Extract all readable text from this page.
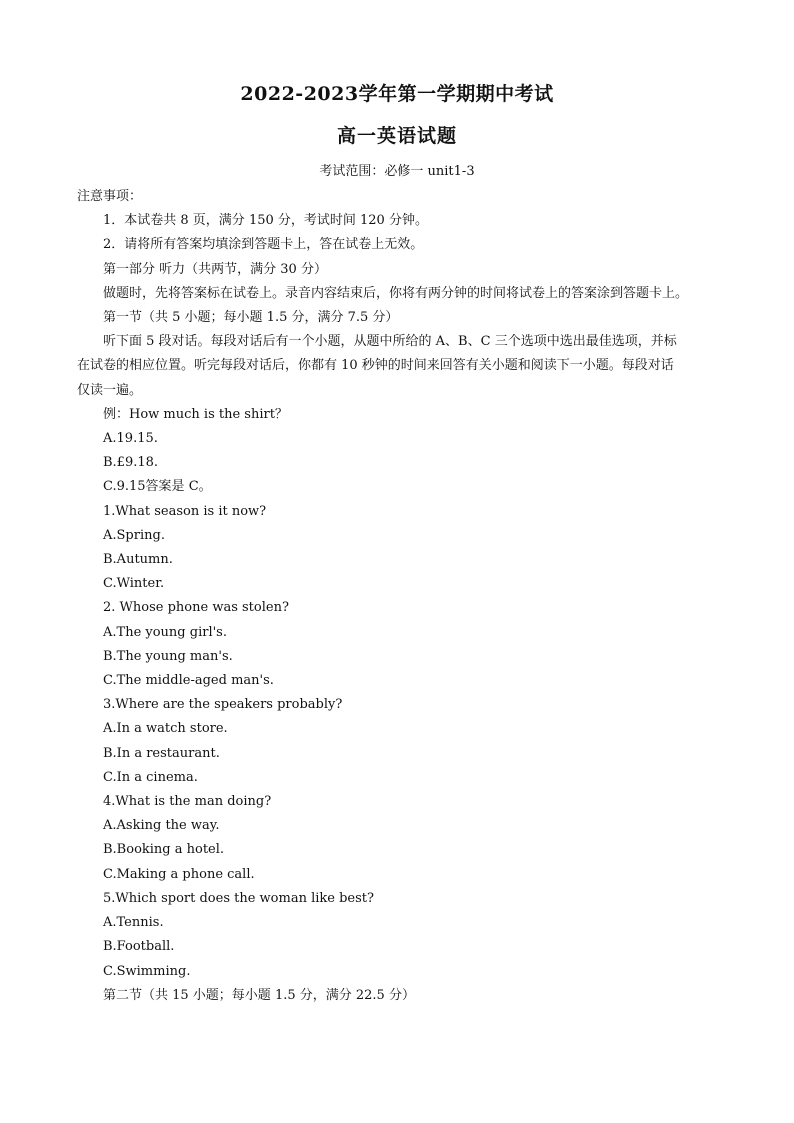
2022-2023学年第一学期期中考试
高一英语试题
考试范围：必修一 unit1-3

注意事项：

1．本试卷共 8 页，满分 150 分，考试时间 120 分钟。

2．请将所有答案均填涂到答题卡上，答在试卷上无效。

第一部分 听力（共两节，满分 30 分）

做题时，先将答案标在试卷上。录音内容结束后，你将有两分钟的时间将试卷上的答案涂到答题卡上。

第一节（共 5 小题；每小题 1.5 分，满分 7.5 分）

听下面 5 段对话。每段对话后有一个小题，从题中所给的 A、B、C 三个选项中选出最佳选项，并标

在试卷的相应位置。听完每段对话后，你都有 10 秒钟的时间来回答有关小题和阅读下一小题。每段对话

仅读一遍。

例：How much is the shirt？

A.19.15.

B.£9.18.

C.9.15答案是 C。

1.What season is it now?

A.Spring.

B.Autumn.

C.Winter.

2. Whose phone was stolen?

A.The young girl's.

B.The young man's.

C.The middle-aged man's.

3.Where are the speakers probably?

A.In a watch store.

B.In a restaurant.

C.In a cinema.

4.What is the man doing?

A.Asking the way.

B.Booking a hotel.

C.Making a phone call.

5.Which sport does the woman like best?

A.Tennis.

B.Football.

C.Swimming.

第二节（共 15 小题；每小题 1.5 分，满分 22.5 分）
